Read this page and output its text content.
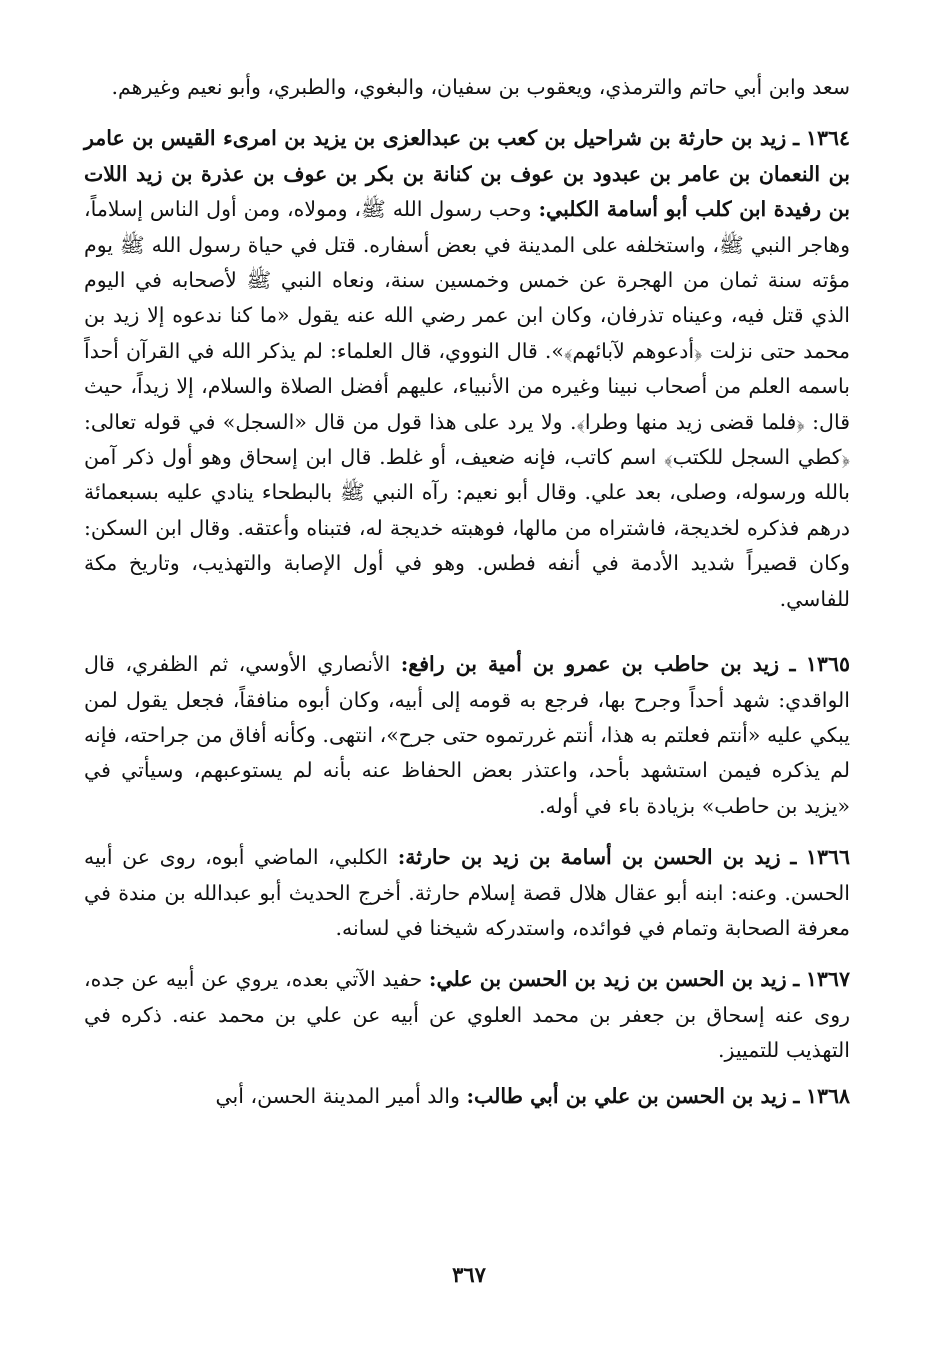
سعد وابن أبي حاتم والترمذي، ويعقوب بن سفيان، والبغوي، والطبري، وأبو نعيم وغيرهم.

١٣٦٤ ـ زيد بن حارثة بن شراحيل بن كعب بن عبدالعزى بن يزيد بن امرىء القيس بن عامر بن النعمان بن عامر بن عبدود بن عوف بن كنانة بن بكر بن عوف بن عذرة بن زيد اللات بن رفيدة ابن كلب أبو أسامة الكلبي: وحب رسول الله ﷺ، ومولاه، ومن أول الناس إسلاماً، وهاجر النبي ﷺ، واستخلفه على المدينة في بعض أسفاره. قتل في حياة رسول الله ﷺ يوم مؤته سنة ثمان من الهجرة عن خمس وخمسين سنة، ونعاه النبي ﷺ لأصحابه في اليوم الذي قتل فيه، وعيناه تذرفان، وكان ابن عمر رضي الله عنه يقول «ما كنا ندعوه إلا زيد بن محمد حتى نزلت ﴿أدعوهم لآبائهم﴾». قال النووي، قال العلماء: لم يذكر الله في القرآن أحداً باسمه العلم من أصحاب نبينا وغيره من الأنبياء، عليهم أفضل الصلاة والسلام، إلا زيداً، حيث قال: ﴿فلما قضى زيد منها وطرا﴾. ولا يرد على هذا قول من قال «السجل» في قوله تعالى: ﴿كطي السجل للكتب﴾ اسم كاتب، فإنه ضعيف، أو غلط. قال ابن إسحاق وهو أول ذكر آمن بالله ورسوله، وصلى، بعد علي. وقال أبو نعيم: رآه النبي ﷺ بالبطحاء ينادي عليه بسبعمائة درهم فذكره لخديجة، فاشتراه من مالها، فوهبته خديجة له، فتبناه وأعتقه. وقال ابن السكن: وكان قصيراً شديد الأدمة في أنفه فطس. وهو في أول الإصابة والتهذيب، وتاريخ مكة للفاسي.

١٣٦٥ ـ زيد بن حاطب بن عمرو بن أمية بن رافع: الأنصاري الأوسي، ثم الظفري، قال الواقدي: شهد أحداً وجرح بها، فرجع به قومه إلى أبيه، وكان أبوه منافقاً، فجعل يقول لمن يبكي عليه «أنتم فعلتم به هذا، أنتم غررتموه حتى جرح»، انتهى. وكأنه أفاق من جراحته، فإنه لم يذكره فيمن استشهد بأحد، واعتذر بعض الحفاظ عنه بأنه لم يستوعبهم، وسيأتي في «يزيد بن حاطب» بزيادة باء في أوله.

١٣٦٦ ـ زيد بن الحسن بن أسامة بن زيد بن حارثة: الكلبي، الماضي أبوه، روى عن أبيه الحسن. وعنه: ابنه أبو عقال هلال قصة إسلام حارثة. أخرج الحديث أبو عبدالله بن مندة في معرفة الصحابة وتمام في فوائده، واستدركه شيخنا في لسانه.

١٣٦٧ ـ زيد بن الحسن بن زيد بن الحسن بن علي: حفيد الآتي بعده، يروي عن أبيه عن جده، روى عنه إسحاق بن جعفر بن محمد العلوي عن أبيه عن علي بن محمد عنه. ذكره في التهذيب للتمييز.

١٣٦٨ ـ زيد بن الحسن بن علي بن أبي طالب: والد أمير المدينة الحسن، أبي

٣٦٧
